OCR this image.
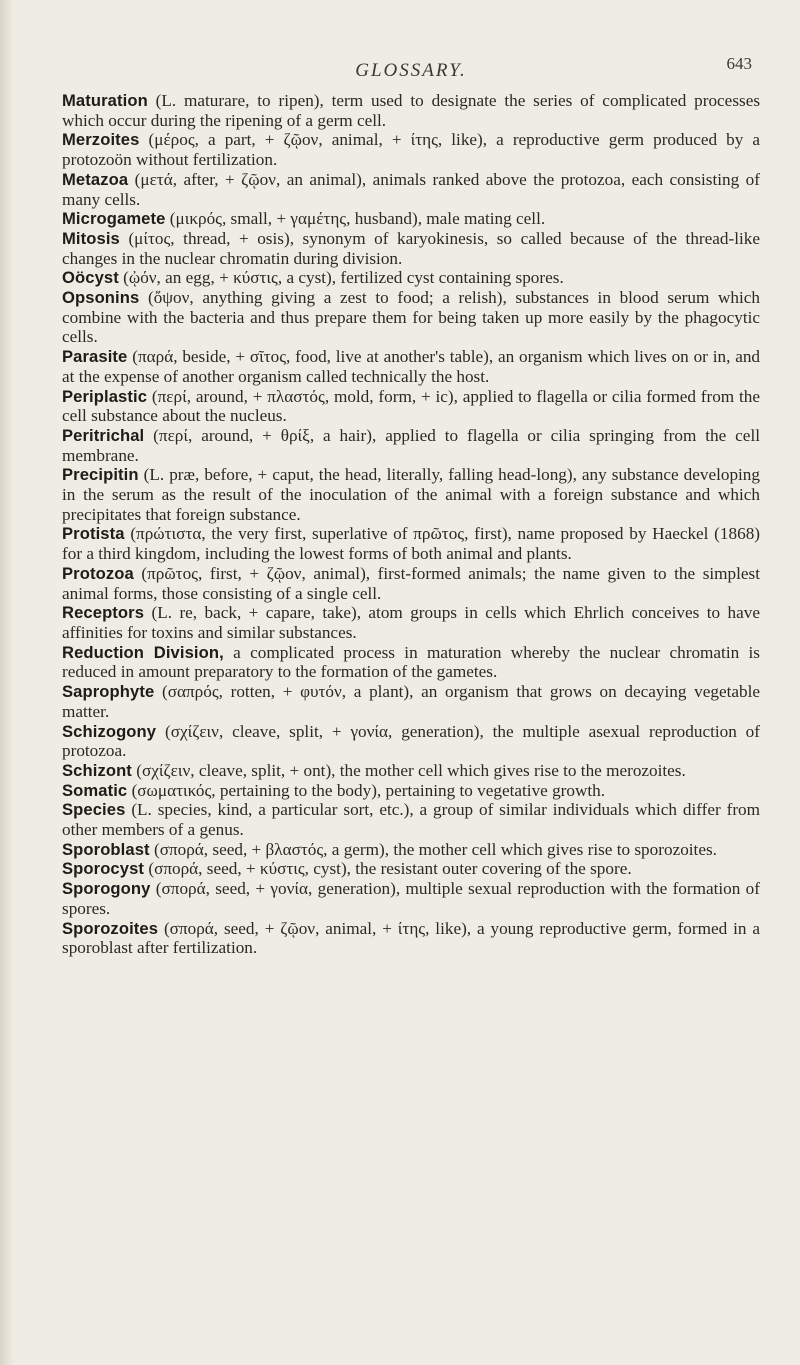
GLOSSARY.	643

Maturation (L. maturare, to ripen), term used to designate the series of complicated processes which occur during the ripening of a germ cell.

Merzoites (μέρος, a part, + ζῷον, animal, + ίτης, like), a reproductive germ produced by a protozoön without fertilization.

Metazoa (μετά, after, + ζῷον, an animal), animals ranked above the protozoa, each consisting of many cells.

Microgamete (μικρός, small, + γαμέτης, husband), male mating cell.

Mitosis (μίτος, thread, + osis), synonym of karyokinesis, so called because of the thread-like changes in the nuclear chromatin during division.

Oöcyst (ᾠόν, an egg, + κύστις, a cyst), fertilized cyst containing spores.

Opsonins (ὄψον, anything giving a zest to food; a relish), substances in blood serum which combine with the bacteria and thus prepare them for being taken up more easily by the phagocytic cells.

Parasite (παρά, beside, + σῖτος, food, live at another's table), an organism which lives on or in, and at the expense of another organism called technically the host.

Periplastic (περί, around, + πλαστός, mold, form, + ic), applied to flagella or cilia formed from the cell substance about the nucleus.

Peritrichal (περί, around, + θρίξ, a hair), applied to flagella or cilia springing from the cell membrane.

Precipitin (L. præ, before, + caput, the head, literally, falling head-long), any substance developing in the serum as the result of the inoculation of the animal with a foreign substance and which precipitates that foreign substance.

Protista (πρώτιστα, the very first, superlative of πρῶτος, first), name proposed by Haeckel (1868) for a third kingdom, including the lowest forms of both animal and plants.

Protozoa (πρῶτος, first, + ζῷον, animal), first-formed animals; the name given to the simplest animal forms, those consisting of a single cell.

Receptors (L. re, back, + capare, take), atom groups in cells which Ehrlich conceives to have affinities for toxins and similar substances.

Reduction Division, a complicated process in maturation whereby the nuclear chromatin is reduced in amount preparatory to the formation of the gametes.

Saprophyte (σαπρός, rotten, + φυτόν, a plant), an organism that grows on decaying vegetable matter.

Schizogony (σχίζειν, cleave, split, + γονία, generation), the multiple asexual reproduction of protozoa.

Schizont (σχίζειν, cleave, split, + ont), the mother cell which gives rise to the merozoites.

Somatic (σωματικός, pertaining to the body), pertaining to vegetative growth.

Species (L. species, kind, a particular sort, etc.), a group of similar individuals which differ from other members of a genus.

Sporoblast (σπορά, seed, + βλαστός, a germ), the mother cell which gives rise to sporozoites.

Sporocyst (σπορά, seed, + κύστις, cyst), the resistant outer covering of the spore.

Sporogony (σπορά, seed, + γονία, generation), multiple sexual reproduction with the formation of spores.

Sporozoites (σπορά, seed, + ζῷον, animal, + ίτης, like), a young reproductive germ, formed in a sporoblast after fertilization.
